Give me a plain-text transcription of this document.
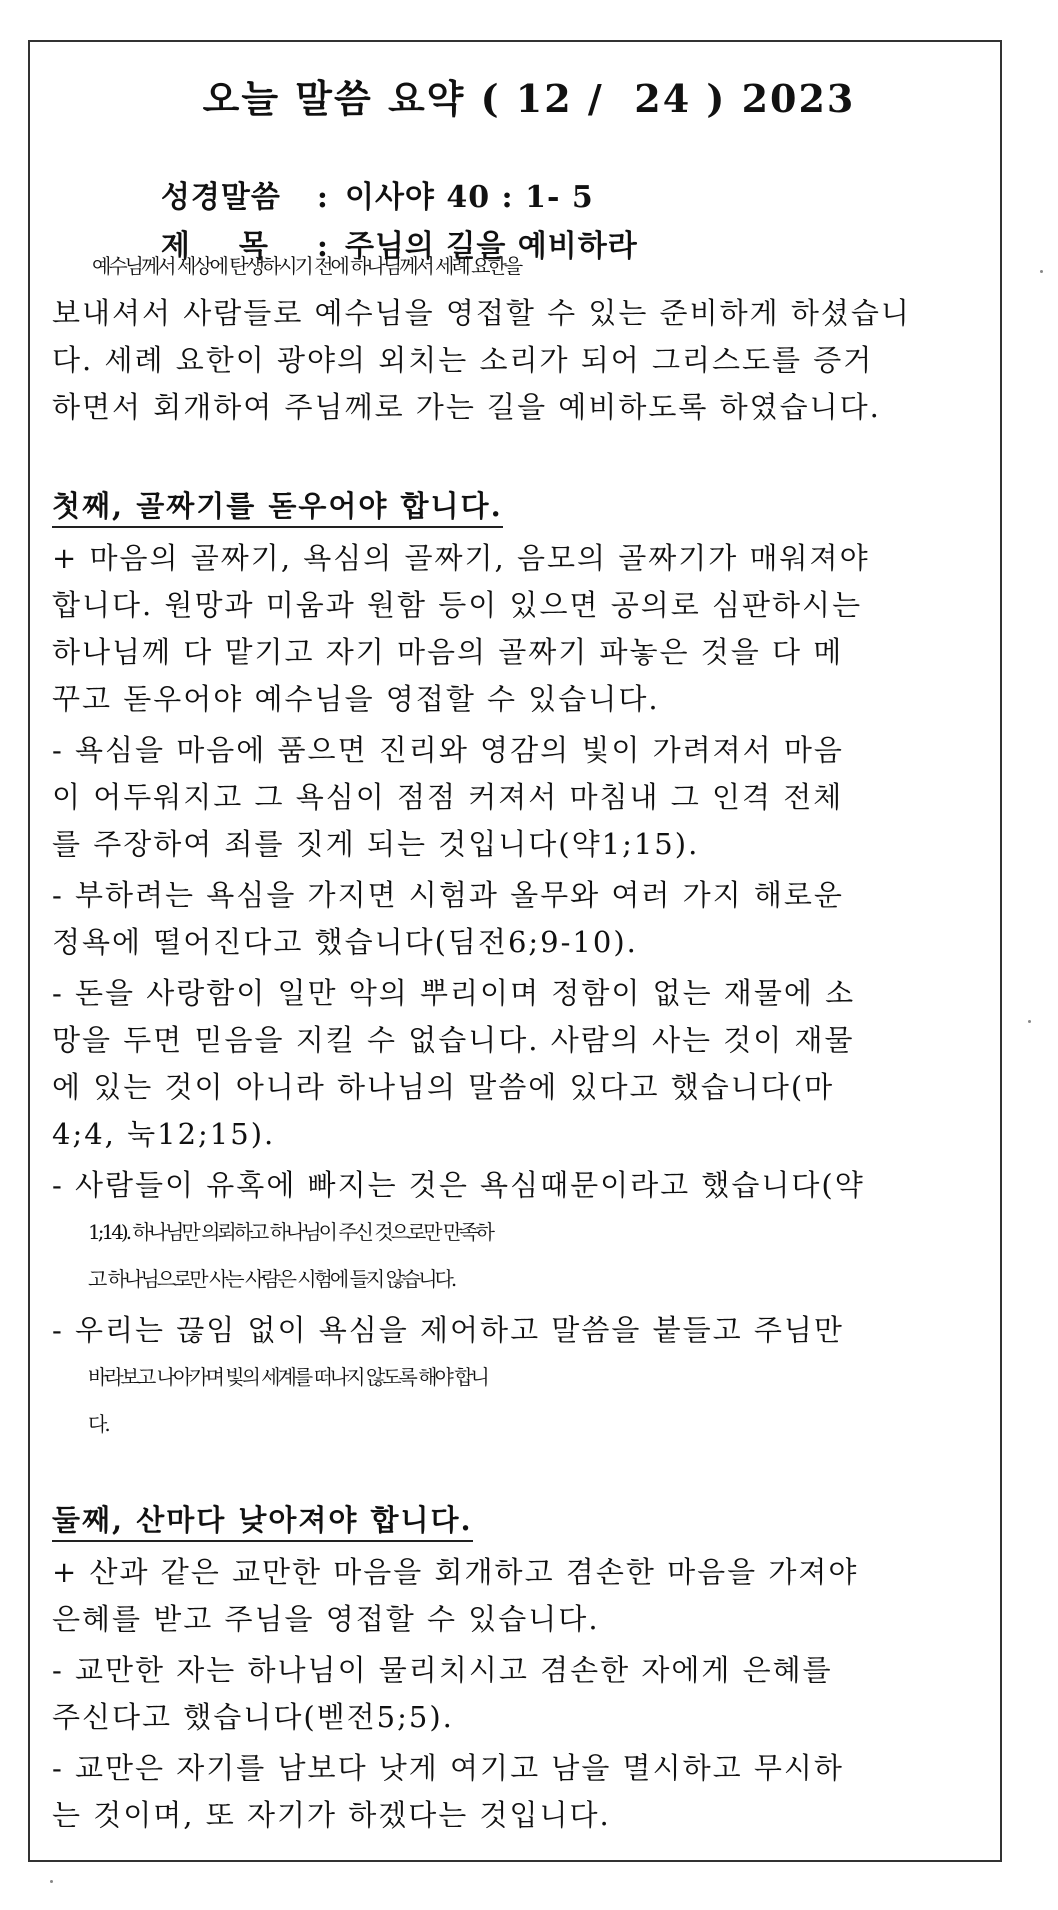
오늘 말씀 요약 ( 12 /  24 ) 2023

성경말씀 : 이사야 40 : 1- 5

제 목 : 주님의 길을 예비하라

예수님께서 세상에 탄생하시기 전에 하나님께서 세례 요한을
보내셔서 사람들로 예수님을 영접할 수 있는 준비하게 하셨습니
다. 세례 요한이 광야의 외치는 소리가 되어 그리스도를 증거
하면서 회개하여 주님께로 가는 길을 예비하도록 하였습니다.
첫째, 골짜기를 돋우어야 합니다.
+ 마음의 골짜기, 욕심의 골짜기, 음모의 골짜기가 매워져야
합니다. 원망과 미움과 원함 등이 있으면 공의로 심판하시는
하나님께 다 맡기고 자기 마음의 골짜기 파놓은 것을 다 메
꾸고 돋우어야 예수님을 영접할 수 있습니다.
- 욕심을 마음에 품으면 진리와 영감의 빛이 가려져서 마음
이 어두워지고 그 욕심이 점점 커져서 마침내 그 인격 전체
를 주장하여 죄를 짓게 되는 것입니다(약1;15).
- 부하려는 욕심을 가지면 시험과 올무와 여러 가지 해로운
정욕에 떨어진다고 했습니다(딤전6;9-10).
- 돈을 사랑함이 일만 악의 뿌리이며 정함이 없는 재물에 소
망을 두면 믿음을 지킬 수 없습니다. 사람의 사는 것이 재물
에 있는 것이 아니라 하나님의 말씀에 있다고 했습니다(마
4;4, 눅12;15).
- 사람들이 유혹에 빠지는 것은 욕심때문이라고 했습니다(약
1;14). 하나님만 의뢰하고 하나님이 주신 것으로만 만족하
고 하나님으로만 사는 사람은 시험에 들지 않습니다.
- 우리는 끊임 없이 욕심을 제어하고 말씀을 붙들고 주님만
바라보고 나아가며 빛의 세계를 떠나지 않도록 해야 합니
다.
둘째, 산마다 낮아져야 합니다.
+ 산과 같은 교만한 마음을 회개하고 겸손한 마음을 가져야
은혜를 받고 주님을 영접할 수 있습니다.
- 교만한 자는 하나님이 물리치시고 겸손한 자에게 은혜를
주신다고 했습니다(벧전5;5).
- 교만은 자기를 남보다 낫게 여기고 남을 멸시하고 무시하
는 것이며, 또 자기가 하겠다는 것입니다.
